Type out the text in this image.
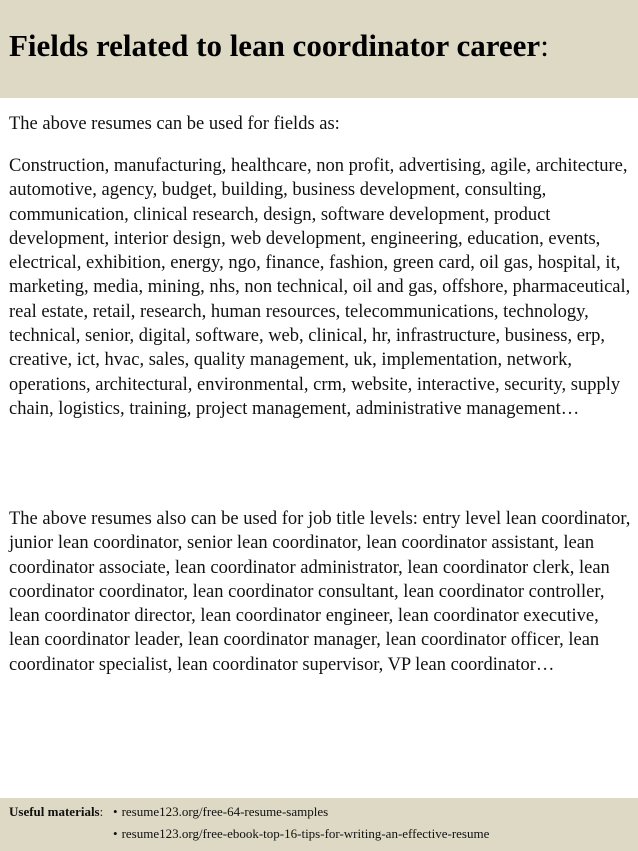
Fields related to lean coordinator career:

The above resumes can be used for fields as:

Construction, manufacturing, healthcare, non profit, advertising, agile, architecture, automotive, agency, budget, building, business development, consulting, communication, clinical research, design, software development, product development, interior design, web development, engineering, education, events, electrical, exhibition, energy, ngo, finance, fashion, green card, oil gas, hospital, it, marketing, media, mining, nhs, non technical, oil and gas, offshore, pharmaceutical, real estate, retail, research, human resources, telecommunications, technology, technical, senior, digital, software, web, clinical, hr, infrastructure, business, erp, creative, ict, hvac, sales, quality management, uk, implementation, network, operations, architectural, environmental, crm, website, interactive, security, supply chain, logistics, training, project management, administrative management…

The above resumes also can be used for job title levels: entry level lean coordinator, junior lean coordinator, senior lean coordinator, lean coordinator assistant, lean coordinator associate, lean coordinator administrator, lean coordinator clerk, lean coordinator coordinator, lean coordinator consultant, lean coordinator controller, lean coordinator director, lean coordinator engineer, lean coordinator executive, lean coordinator leader, lean coordinator manager, lean coordinator officer, lean coordinator specialist, lean coordinator supervisor, VP lean coordinator…

Useful materials: • resume123.org/free-64-resume-samples
• resume123.org/free-ebook-top-16-tips-for-writing-an-effective-resume
